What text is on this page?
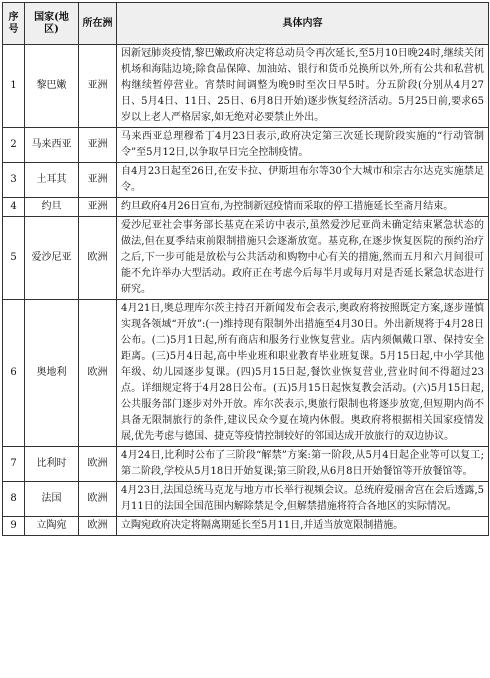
序号	国家(地区)	所在洲	具体内容
1	黎巴嫩	亚洲	因新冠肺炎疫情,黎巴嫩政府决定将总动员令再次延长,至5月10日晚24时,继续关闭机场和海陆边境;除食品保障、加油站、银行和货币兑换所以外,所有公共和私营机构继续暂停营业。宵禁时间调整为晚9时至次日早5时。分五阶段(分别从4月27日、5月4日、11日、25日、6月8日开始)逐步恢复经济活动。5月25日前,要求65岁以上老人严格居家,如无绝对必要禁止外出。
2	马来西亚	亚洲	马来西亚总理穆希丁4月23日表示,政府决定第三次延长现阶段实施的“行动管制令”至5月12日,以争取早日完全控制疫情。
3	土耳其	亚洲	自4月23日起至26日,在安卡拉、伊斯坦布尔等30个大城市和宗古尔达克实施禁足令。
4	约旦	亚洲	约旦政府4月26日宣布,为控制新冠疫情而采取的停工措施延长至斋月结束。
5	爱沙尼亚	欧洲	爱沙尼亚社会事务部长基克在采访中表示,虽然爱沙尼亚尚未确定结束紧急状态的做法,但在夏季结束前限制措施只会逐渐放宽。基克称,在逐步恢复医院的预约治疗之后,下一步可能是放松与公共活动和购物中心有关的措施,然而五月和六月间很可能不允许举办大型活动。政府正在考虑今后每半月或每月对是否延长紧急状态进行研究。
6	奥地利	欧洲	4月21日,奥总理库尔茨主持召开新闻发布会表示,奥政府将按照既定方案,逐步谨慎实现各领域“开放”:(一)维持现有限制外出措施至4月30日。外出新规将于4月28日公布。(二)5月1日起,所有商店和服务行业恢复营业。店内须佩戴口罩、保持安全距离。(三)5月4日起,高中毕业班和职业教育毕业班复课。5月15日起,中小学其他年级、幼儿园逐步复课。(四)5月15日起,餐饮业恢复营业,营业时间不得超过23点。详细规定将于4月28日公布。(五)5月15日起恢复教会活动。(六)5月15日起,公共服务部门逐步对外开放。库尔茨表示,奥旅行限制也将逐步放宽,但短期内尚不具备无限制旅行的条件,建议民众今夏在境内休假。奥政府将根据相关国家疫情发展,优先考虑与德国、捷克等疫情控制较好的邻国达成开放旅行的双边协议。
7	比利时	欧洲	4月24日,比利时公布了三阶段“解禁”方案:第一阶段,从5月4日起企业等可以复工;第二阶段,学校从5月18日开始复课;第三阶段,从6月8日开始餐馆等开放餐馆等。
8	法国	欧洲	4月23日,法国总统马克龙与地方市长举行视频会议。总统府爱丽舍宫在会后透露,5月11日的法国全国范围内解除禁足令,但解禁措施将符合各地区的实际情况。
9	立陶宛	欧洲	立陶宛政府决定将隔离期延长至5月11日,并适当放宽限制措施。
